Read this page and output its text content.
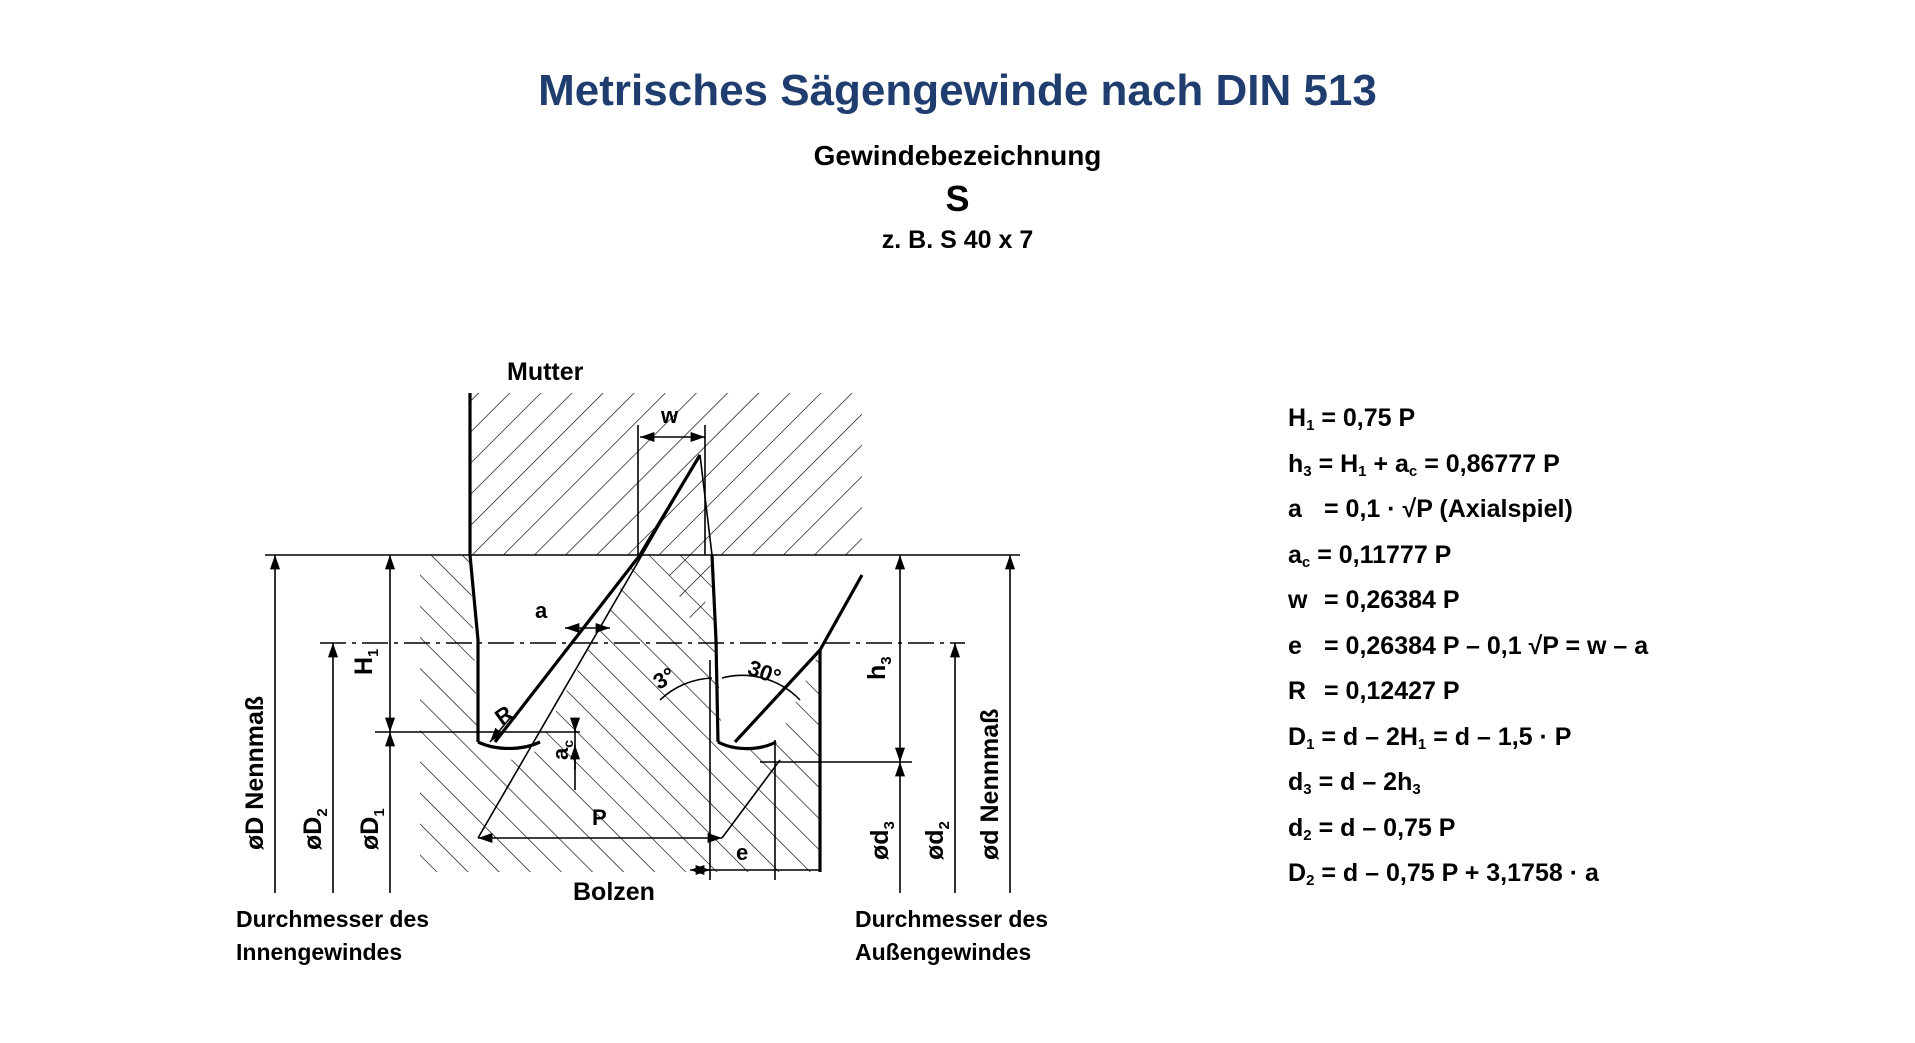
Metrisches Sägengewinde nach DIN 513
Gewindebezeichnung
S
z. B. S 40 x 7
Mutter
Bolzen
w
a
R
P
e
3°	30°
$a_c$
$H_1$
$h_3$
øD Nennmaß $øD_2$
$øD_1$
$ød_3$
$ød_2$ ød Nennmaß
Durchmesser des
Innengewindes
Durchmesser des
Außengewindes
$H_1 = 0,75$ P
$h_3 = H_1 + a_c = 0,86777$ P
a = 0,1 · √P (Axialspiel)
$a_c = 0,11777$ P
w = 0,26384 P
e = 0,26384 P – 0,1 √P = w – a
R = 0,12427 P
$D_1 = d - 2H_1 = d - 1,5 \cdot P$
$d_3 = d - 2h_3$
$d_2 = d - 0,75$ P
$D_2 = d - 0,75$ P + 3,1758 · a
